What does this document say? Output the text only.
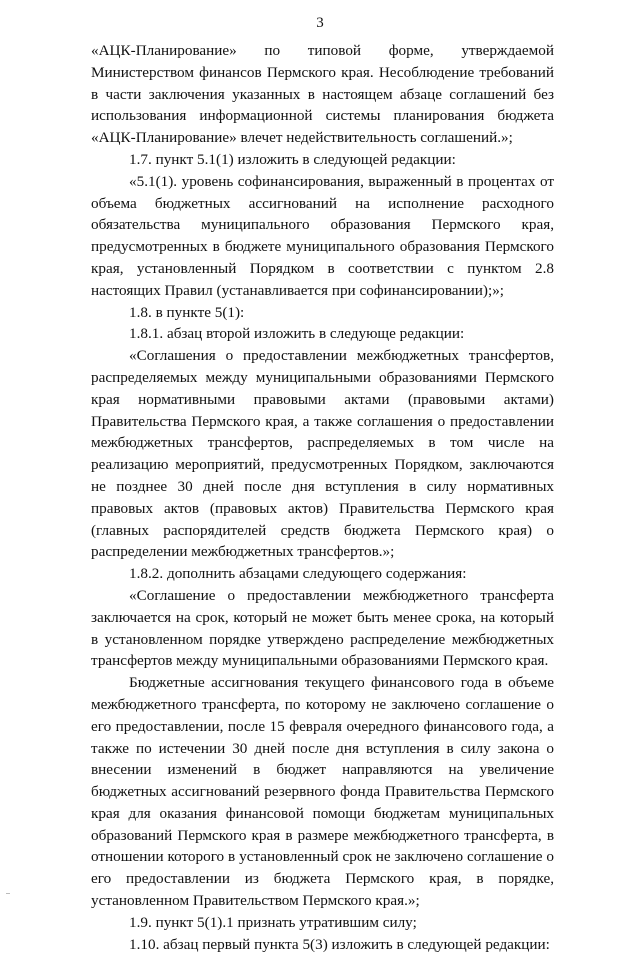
3

«АЦК-Планирование» по типовой форме, утверждаемой Министерством финансов Пермского края. Несоблюдение требований в части заключения указанных в настоящем абзаце соглашений без использования информационной системы планирования бюджета «АЦК-Планирование» влечет недействительность соглашений.»;

1.7. пункт 5.1(1) изложить в следующей редакции:

«5.1(1). уровень софинансирования, выраженный в процентах от объема бюджетных ассигнований на исполнение расходного обязательства муниципального образования Пермского края, предусмотренных в бюджете муниципального образования Пермского края, установленный Порядком в соответствии с пунктом 2.8 настоящих Правил (устанавливается при софинансировании);»;

1.8. в пункте 5(1):

1.8.1. абзац второй изложить в следующе редакции:

«Соглашения о предоставлении межбюджетных трансфертов, распределяемых между муниципальными образованиями Пермского края нормативными правовыми актами (правовыми актами) Правительства Пермского края, а также соглашения о предоставлении межбюджетных трансфертов, распределяемых в том числе на реализацию мероприятий, предусмотренных Порядком, заключаются не позднее 30 дней после дня вступления в силу нормативных правовых актов (правовых актов) Правительства Пермского края (главных распорядителей средств бюджета Пермского края) о распределении межбюджетных трансфертов.»;

1.8.2. дополнить абзацами следующего содержания:

«Соглашение о предоставлении межбюджетного трансферта заключается на срок, который не может быть менее срока, на который в установленном порядке утверждено распределение межбюджетных трансфертов между муниципальными образованиями Пермского края.

Бюджетные ассигнования текущего финансового года в объеме межбюджетного трансферта, по которому не заключено соглашение о его предоставлении, после 15 февраля очередного финансового года, а также по истечении 30 дней после дня вступления в силу закона о внесении изменений в бюджет направляются на увеличение бюджетных ассигнований резервного фонда Правительства Пермского края для оказания финансовой помощи бюджетам муниципальных образований Пермского края в размере межбюджетного трансферта, в отношении которого в установленный срок не заключено соглашение о его предоставлении из бюджета Пермского края, в порядке, установленном Правительством Пермского края.»;

1.9. пункт 5(1).1 признать утратившим силу;

1.10. абзац первый пункта 5(3) изложить в следующей редакции:
